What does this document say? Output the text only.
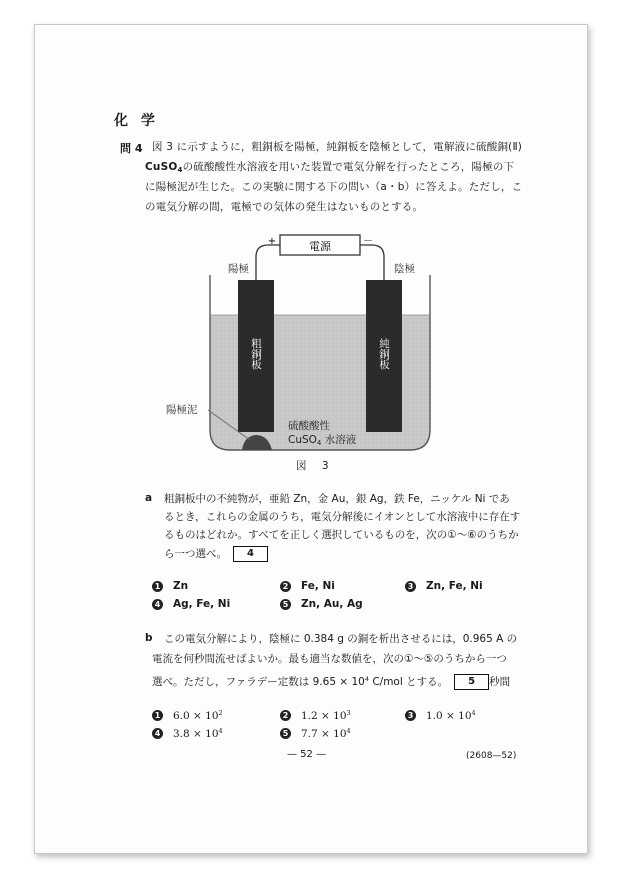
化 学
問 4 図 3 に示すように，粗銅板を陽極，純銅板を陰極として，電解液に硫酸銅(Ⅱ)
CuSO$_4$の硫酸酸性水溶液を用いた装置で電気分解を行ったところ，陽極の下
に陽極泥が生じた。この実験に関する下の問い（a・b）に答えよ。ただし，こ
の電気分解の間，電極での気体の発生はないものとする。
電源
+	－
陽極	陰極
粗銅板	純銅板
陽極泥
硫酸酸性
CuSO4 水溶液
図 3
a 粗銅板中の不純物が，亜鉛 Zn，金 Au，銀 Ag，鉄 Fe，ニッケル Ni であ
るとき，これらの金属のうち，電気分解後にイオンとして水溶液中に存在す
るものはどれか。すべてを正しく選択しているものを，次の①～⑥のうちか
ら一つ選べ。 4
1 Zn	2 Fe, Ni	3 Zn, Fe, Ni
4 Ag, Fe, Ni	5 Zn, Au, Ag
b この電気分解により，陰極に 0.384 g の銅を析出させるには，0.965 A の
電流を何秒間流せばよいか。最も適当な数値を，次の①～⑤のうちから一つ
選べ。ただし，ファラデー定数は $9.65 \times 10^4$ C/mol とする。 5 秒間
1 $6.0 \times 10^2$	2 $1.2 \times 10^3$	3 $1.0 \times 10^4$
4 $3.8 \times 10^4$	5 $7.7 \times 10^4$
— 52 —	(2608—52)
